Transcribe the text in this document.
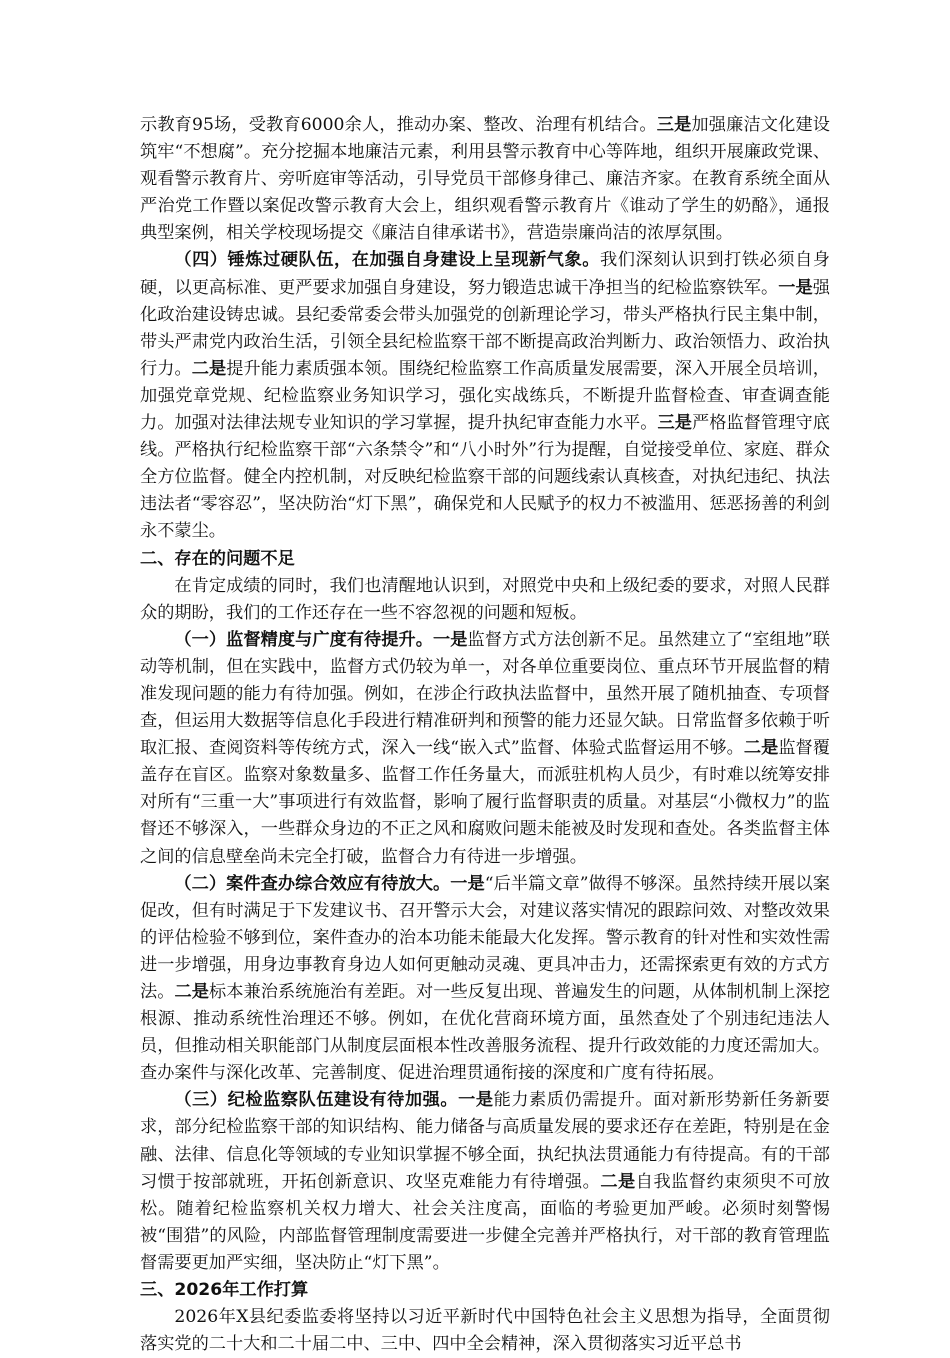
示教育95场，受教育6000余人，推动办案、整改、治理有机结合。三是加强廉洁文化建设筑牢“不想腐”。充分挖掘本地廉洁元素，利用县警示教育中心等阵地，组织开展廉政党课、观看警示教育片、旁听庭审等活动，引导党员干部修身律己、廉洁齐家。在教育系统全面从严治党工作暨以案促改警示教育大会上，组织观看警示教育片《谁动了学生的奶酪》，通报典型案例，相关学校现场提交《廉洁自律承诺书》，营造崇廉尚洁的浓厚氛围。

（四）锤炼过硬队伍，在加强自身建设上呈现新气象。我们深刻认识到打铁必须自身硬，以更高标准、更严要求加强自身建设，努力锻造忠诚干净担当的纪检监察铁军。一是强化政治建设铸忠诚。县纪委常委会带头加强党的创新理论学习，带头严格执行民主集中制，带头严肃党内政治生活，引领全县纪检监察干部不断提高政治判断力、政治领悟力、政治执行力。二是提升能力素质强本领。围绕纪检监察工作高质量发展需要，深入开展全员培训，加强党章党规、纪检监察业务知识学习，强化实战练兵，不断提升监督检查、审查调查能力。加强对法律法规专业知识的学习掌握，提升执纪审查能力水平。三是严格监督管理守底线。严格执行纪检监察干部“六条禁令”和“八小时外”行为提醒，自觉接受单位、家庭、群众全方位监督。健全内控机制，对反映纪检监察干部的问题线索认真核查，对执纪违纪、执法违法者“零容忍”，坚决防治“灯下黑”，确保党和人民赋予的权力不被滥用、惩恶扬善的利剑永不蒙尘。

二、存在的问题不足

在肯定成绩的同时，我们也清醒地认识到，对照党中央和上级纪委的要求，对照人民群众的期盼，我们的工作还存在一些不容忽视的问题和短板。

（一）监督精度与广度有待提升。一是监督方式方法创新不足。虽然建立了“室组地”联动等机制，但在实践中，监督方式仍较为单一，对各单位重要岗位、重点环节开展监督的精准发现问题的能力有待加强。例如，在涉企行政执法监督中，虽然开展了随机抽查、专项督查，但运用大数据等信息化手段进行精准研判和预警的能力还显欠缺。日常监督多依赖于听取汇报、查阅资料等传统方式，深入一线“嵌入式”监督、体验式监督运用不够。二是监督覆盖存在盲区。监察对象数量多、监督工作任务量大，而派驻机构人员少，有时难以统筹安排对所有“三重一大”事项进行有效监督，影响了履行监督职责的质量。对基层“小微权力”的监督还不够深入，一些群众身边的不正之风和腐败问题未能被及时发现和查处。各类监督主体之间的信息壁垒尚未完全打破，监督合力有待进一步增强。

（二）案件查办综合效应有待放大。一是“后半篇文章”做得不够深。虽然持续开展以案促改，但有时满足于下发建议书、召开警示大会，对建议落实情况的跟踪问效、对整改效果的评估检验不够到位，案件查办的治本功能未能最大化发挥。警示教育的针对性和实效性需进一步增强，用身边事教育身边人如何更触动灵魂、更具冲击力，还需探索更有效的方式方法。二是标本兼治系统施治有差距。对一些反复出现、普遍发生的问题，从体制机制上深挖根源、推动系统性治理还不够。例如，在优化营商环境方面，虽然查处了个别违纪违法人员，但推动相关职能部门从制度层面根本性改善服务流程、提升行政效能的力度还需加大。查办案件与深化改革、完善制度、促进治理贯通衔接的深度和广度有待拓展。

（三）纪检监察队伍建设有待加强。一是能力素质仍需提升。面对新形势新任务新要求，部分纪检监察干部的知识结构、能力储备与高质量发展的要求还存在差距，特别是在金融、法律、信息化等领域的专业知识掌握不够全面，执纪执法贯通能力有待提高。有的干部习惯于按部就班，开拓创新意识、攻坚克难能力有待增强。二是自我监督约束须臾不可放松。随着纪检监察机关权力增大、社会关注度高，面临的考验更加严峻。必须时刻警惕被“围猎”的风险，内部监督管理制度需要进一步健全完善并严格执行，对干部的教育管理监督需要更加严实细，坚决防止“灯下黑”。

三、2026年工作打算

2026年X县纪委监委将坚持以习近平新时代中国特色社会主义思想为指导，全面贯彻落实党的二十大和二十届二中、三中、四中全会精神，深入贯彻落实习近平总书
